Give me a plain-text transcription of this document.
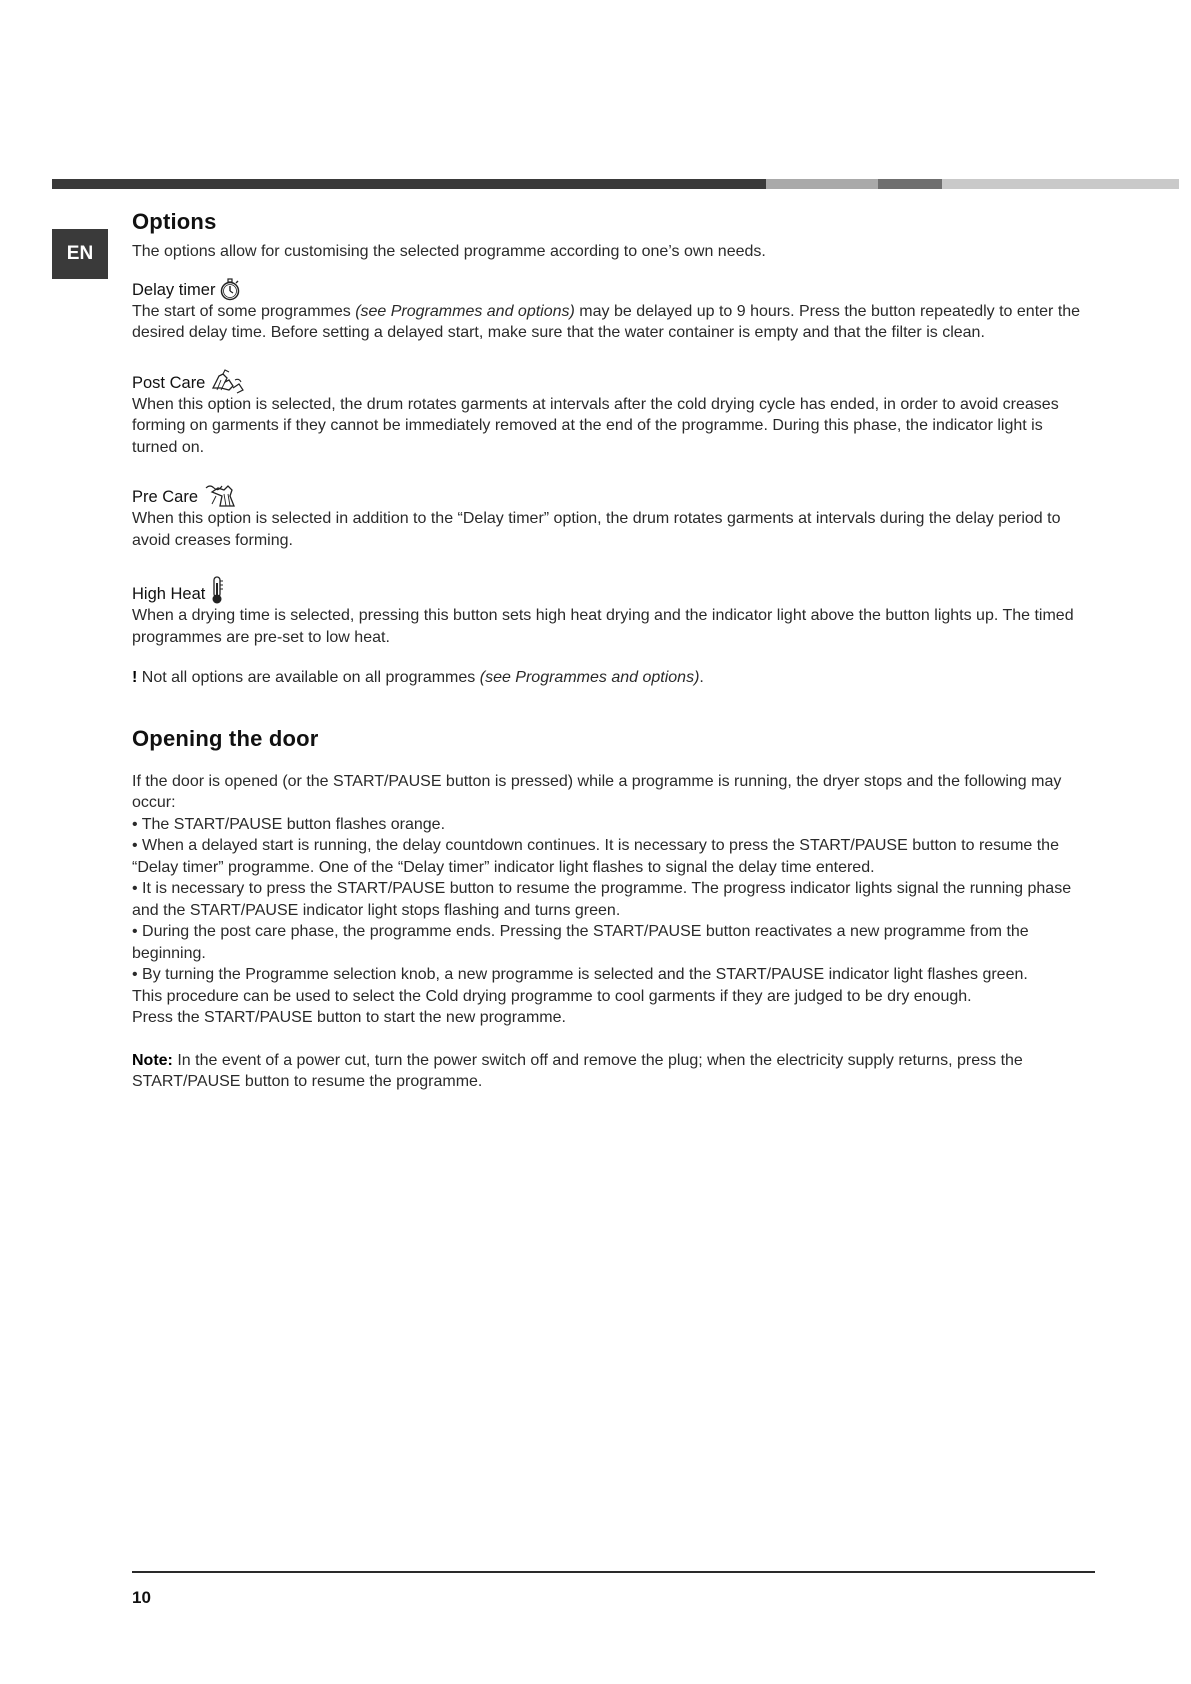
EN
Options

The options allow for customising the selected programme according to one’s own needs.

Delay timer

The start of some programmes (see Programmes and options) may be delayed up to 9 hours. Press the button repeatedly to enter the desired delay time. Before setting a delayed start, make sure that the water container is empty and that the filter is clean.

Post Care

When this option is selected, the drum rotates garments at intervals after the cold drying cycle has ended, in order to avoid creases forming on garments if they cannot be immediately removed at the end of the programme. During this phase, the indicator light is turned on.

Pre Care

When this option is selected in addition to the “Delay timer” option, the drum rotates garments at intervals during the delay period to avoid creases forming.

High Heat

When a drying time is selected, pressing this button sets high heat drying and the indicator light above the button lights up. The timed programmes are pre-set to low heat.

! Not all options are available on all programmes (see Programmes and options).

Opening the door

If the door is opened (or the START/PAUSE button is pressed) while a programme is running, the dryer stops and the following may occur:

• The START/PAUSE button flashes orange.

• When a delayed start is running, the delay countdown continues. It is necessary to press the START/PAUSE button to resume the “Delay timer” programme. One of the “Delay timer” indicator light flashes to signal the delay time entered.

• It is necessary to press the START/PAUSE button to resume the programme. The progress indicator lights signal the running phase and the START/PAUSE indicator light stops flashing and turns green.

• During the post care phase, the programme ends. Pressing the START/PAUSE button reactivates a new programme from the beginning.

• By turning the Programme selection knob, a new programme is selected and the START/PAUSE indicator light flashes green.

This procedure can be used to select the Cold drying programme to cool garments if they are judged to be dry enough.

Press the START/PAUSE button to start the new programme.

Note: In the event of a power cut, turn the power switch off and remove the plug; when the electricity supply returns, press the START/PAUSE button to resume the programme.

10
